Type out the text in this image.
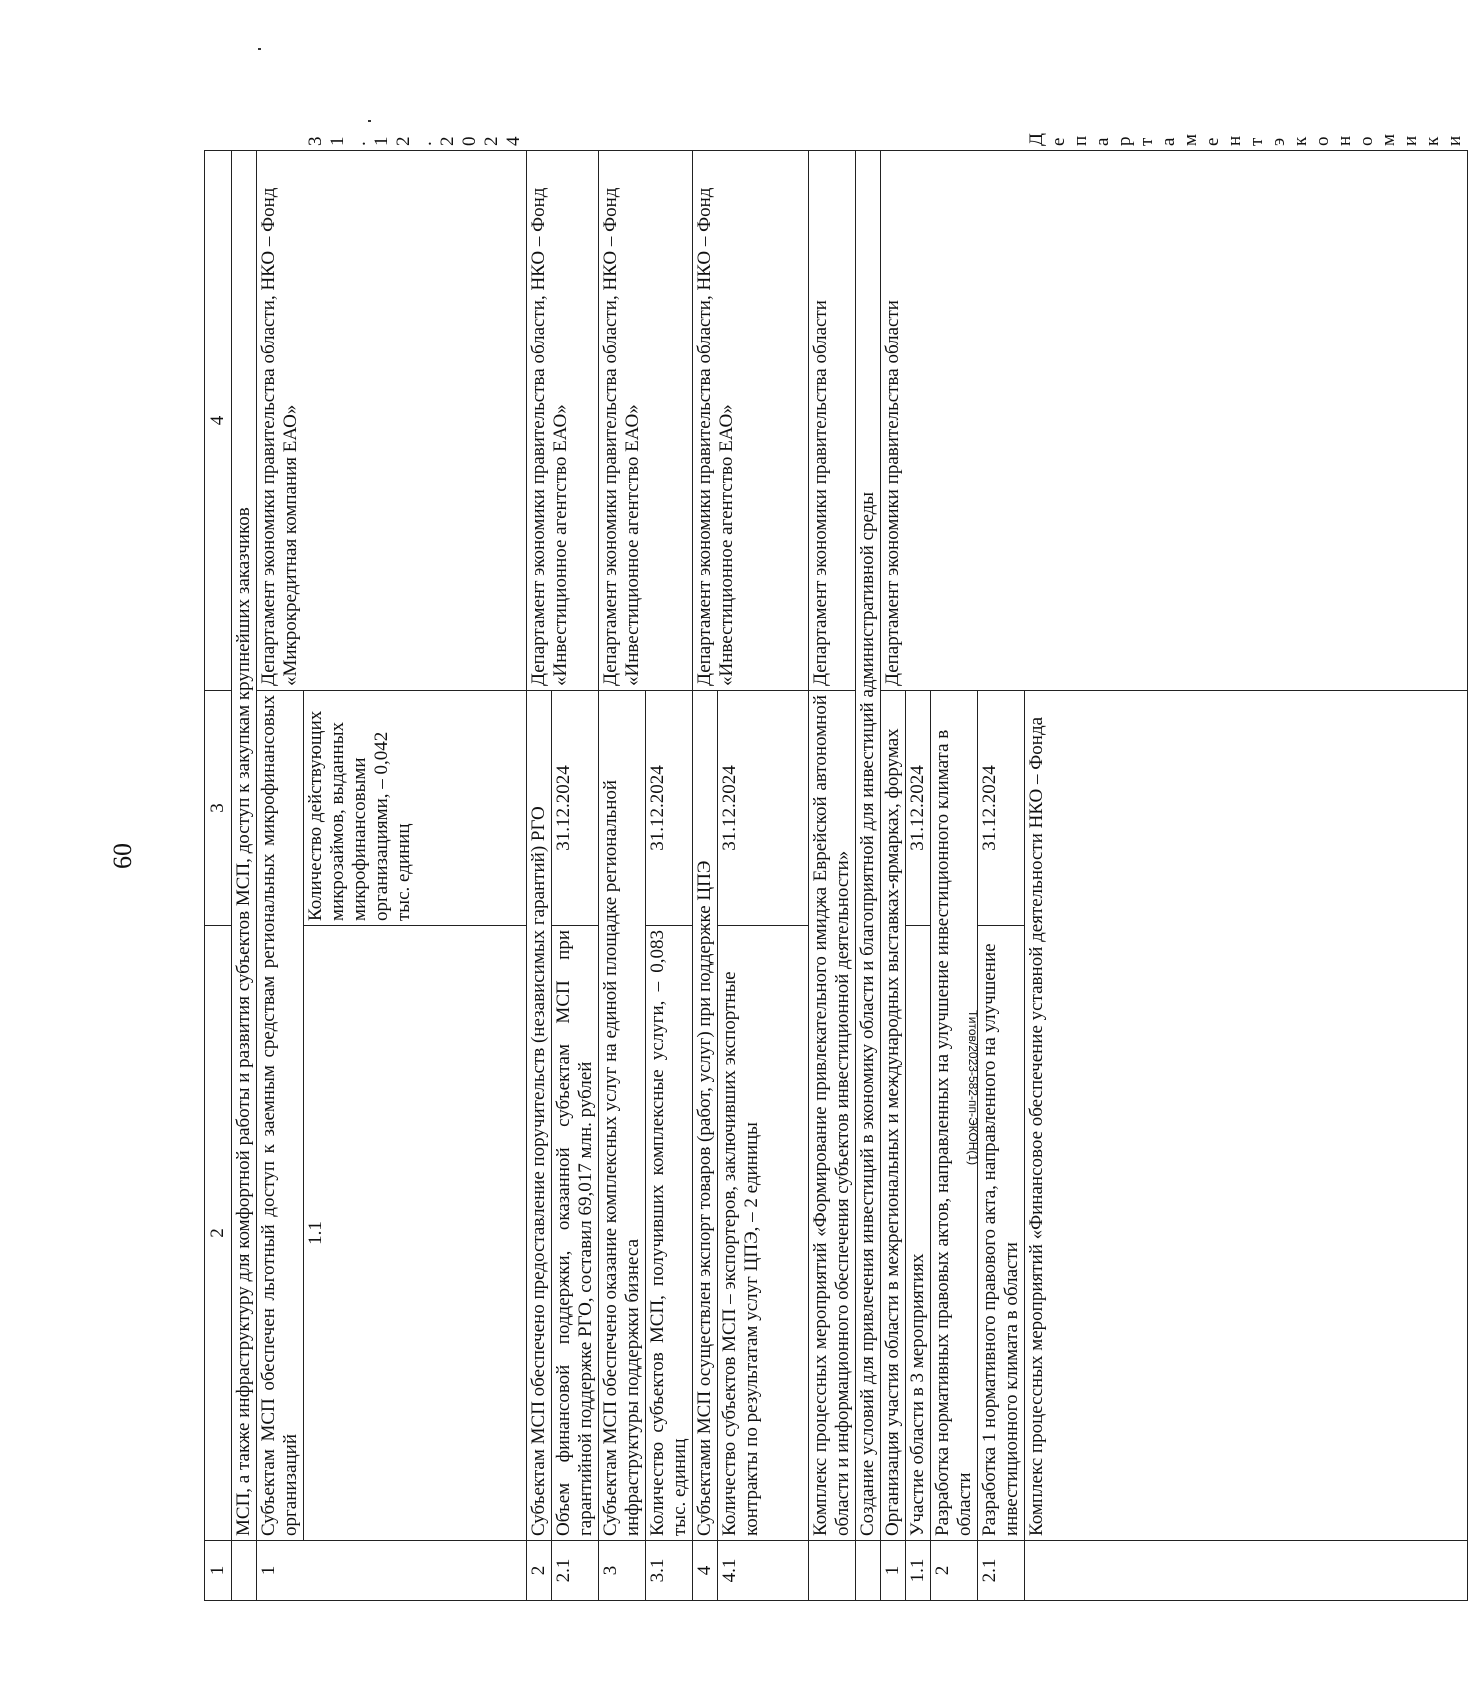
60
1	2	3	4	
	МСП, а также инфраструктуру для комфортной работы и развития субъектов МСП, доступ к закупкам крупнейших заказчиков			
1	Субъектам МСП обеспечен льготный доступ к заемным средствам региональных микрофинансовых организаций		Департамент экономики правительства области, НКО – Фонд «Микрокредитная компания ЕАО»	
	1.1	Количество действующих микрозаймов, выданных микрофинансовыми организациями, – 0,042 тыс. единиц		31.12.2024	
2	Субъектам МСП обеспечено предоставление поручительств (независимых гарантий) РГО		Департамент экономики правительства области, НКО – Фонд «Инвестиционное агентство ЕАО»	
2.1	Объем финансовой поддержки, оказанной субъектам МСП при гарантийной поддержке РГО, составил 69,017 млн. рублей	31.12.2024		
3	Субъектам МСП обеспечено оказание комплексных услуг на единой площадке региональной инфраструктуры поддержки бизнеса		Департамент экономики правительства области, НКО – Фонд «Инвестиционное агентство ЕАО»	
3.1	Количество субъектов МСП, получивших комплексные услуги, – 0,083 тыс. единиц	31.12.2024		
4	Субъектами МСП осуществлен экспорт товаров (работ, услуг) при поддержке ЦПЭ		Департамент экономики правительства области, НКО – Фонд «Инвестиционное агентство ЕАО»	
4.1	Количество субъектов МСП – экспортеров, заключивших экспортные контракты по результатам услуг ЦПЭ, – 2 единицы	31.12.2024		
	Комплекс процессных мероприятий «Формирование привлекательного имиджа Еврейской автономной области и информационного обеспечения субъектов инвестиционной деятельности»		Департамент экономики правительства области	
	Создание условий для привлечения инвестиций в экономику области и благоприятной для инвестиций административной среды			
1	Организация участия области в межрегиональных и международных выставках-ярмарках, форумах		Департамент экономики правительства области	
1.1	Участие области в 3 мероприятиях	31.12.2024		
2	Разработка нормативных правовых актов, направленных на улучшение инвестиционного климата в области			
2.1	Разработка 1 нормативного правового акта, направленного на улучшение инвестиционного климата в области	31.12.2024		
	Комплекс процессных мероприятий «Финансовое обеспечение уставной деятельности НКО – Фонда			Департамент экономики
Титов/2023-582-пп-ЭКОН(1)
